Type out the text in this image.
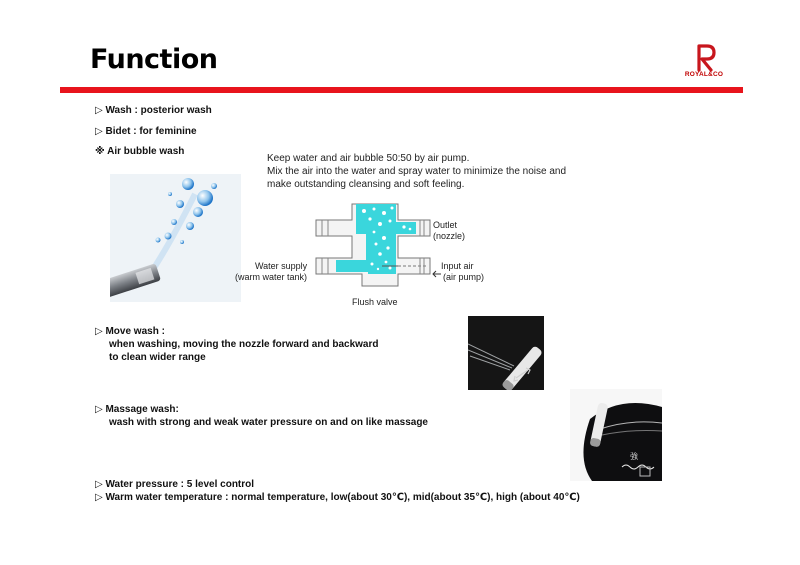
Function	ROYAL&CO
▷ Wash : posterior wash
▷ Bidet : for feminine
※ Air bubble wash
Keep water and air bubble 50:50 by air pump.
Mix the air into the water and spray water to minimize the noise and
make outstanding cleansing and soft feeling.
Outlet
(nozzle)
Water supply
(warm water tank)
Input air
(air pump)
Flush valve
▷ Move wash :
when washing, moving the nozzle forward and backward
to clean wider range
▷ Massage wash:
wash with strong and weak water pressure on and on like massage
強
▷ Water pressure : 5 level control
▷ Warm water temperature : normal temperature, low(about 30℃), mid(about 35℃), high (about 40℃)
